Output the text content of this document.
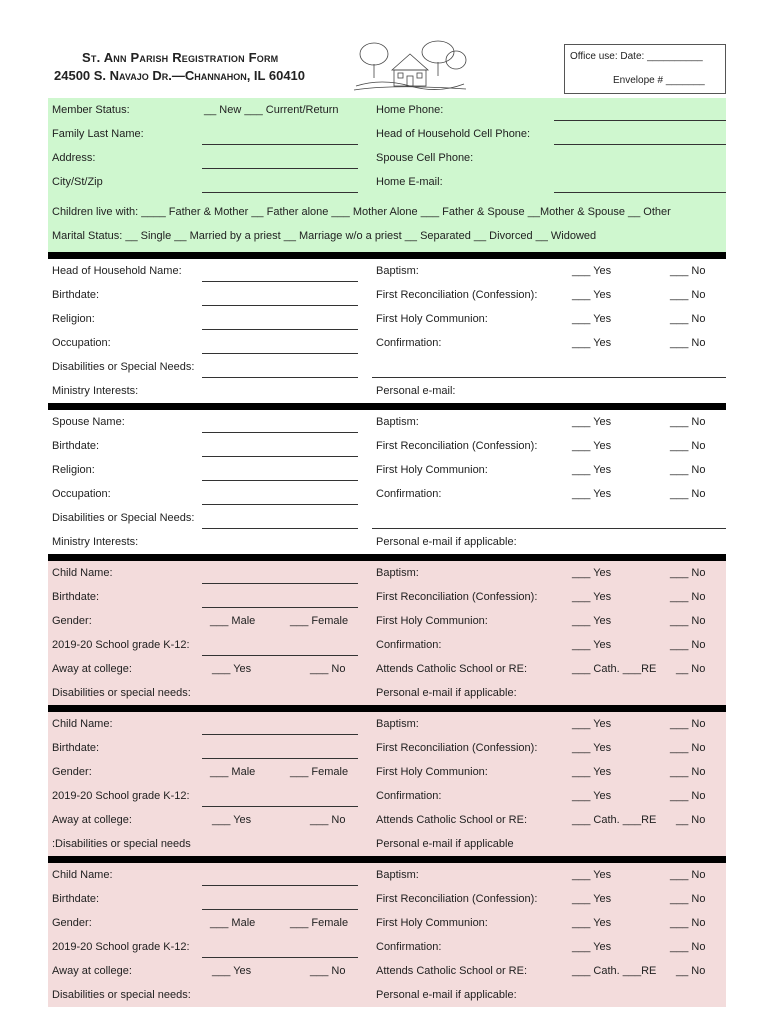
St. Ann Parish Registration Form
24500 S. Navajo Dr.—Channahon, IL 60410
Office use: Date: __________
Envelope # _______
Member Status:	__ New ___ Current/Return	Home Phone:
Family Last Name:	Head of Household Cell Phone:
Address:	Spouse Cell Phone:
City/St/Zip	Home E-mail:
Children live with: ____ Father & Mother __ Father alone ___ Mother Alone ___ Father & Spouse __Mother & Spouse __ Other
Marital Status: __ Single __ Married by a priest __ Marriage w/o a priest __ Separated __ Divorced __ Widowed
Head of Household Name:	Baptism:	___ Yes	___ No
Birthdate:	First Reconciliation (Confession):	___ Yes	___ No
Religion:	First Holy Communion:	___ Yes	___ No
Occupation:	Confirmation:	___ Yes	___ No
Disabilities or Special Needs:
Ministry Interests:	Personal e-mail:
Spouse Name:	Baptism:	___ Yes	___ No
Birthdate:	First Reconciliation (Confession):	___ Yes	___ No
Religion:	First Holy Communion:	___ Yes	___ No
Occupation:	Confirmation:	___ Yes	___ No
Disabilities or Special Needs:
Ministry Interests:	Personal e-mail if applicable:
Child Name:	Baptism:	___ Yes	___ No
Birthdate:	First Reconciliation (Confession):	___ Yes	___ No
Gender:	___ Male	___ Female	First Holy Communion:	___ Yes	___ No
2019-20 School grade K-12:	Confirmation:	___ Yes	___ No
Away at college:	___ Yes	___ No	Attends Catholic School or RE:	___ Cath. ___RE __ No
Disabilities or special needs:	Personal e-mail if applicable:
Child Name:	Baptism:	___ Yes	___ No
Birthdate:	First Reconciliation (Confession):	___ Yes	___ No
Gender:	___ Male	___ Female	First Holy Communion:	___ Yes	___ No
2019-20 School grade K-12:	Confirmation:	___ Yes	___ No
Away at college:	___ Yes	___ No	Attends Catholic School or RE:	___ Cath. ___RE __ No
:Disabilities or special needs	Personal e-mail if applicable
Child Name:	Baptism:	___ Yes	___ No
Birthdate:	First Reconciliation (Confession):	___ Yes	___ No
Gender:	___ Male	___ Female	First Holy Communion:	___ Yes	___ No
2019-20 School grade K-12:	Confirmation:	___ Yes	___ No
Away at college:	___ Yes	___ No	Attends Catholic School or RE:	___ Cath. ___RE __ No
Disabilities or special needs:	Personal e-mail if applicable:
